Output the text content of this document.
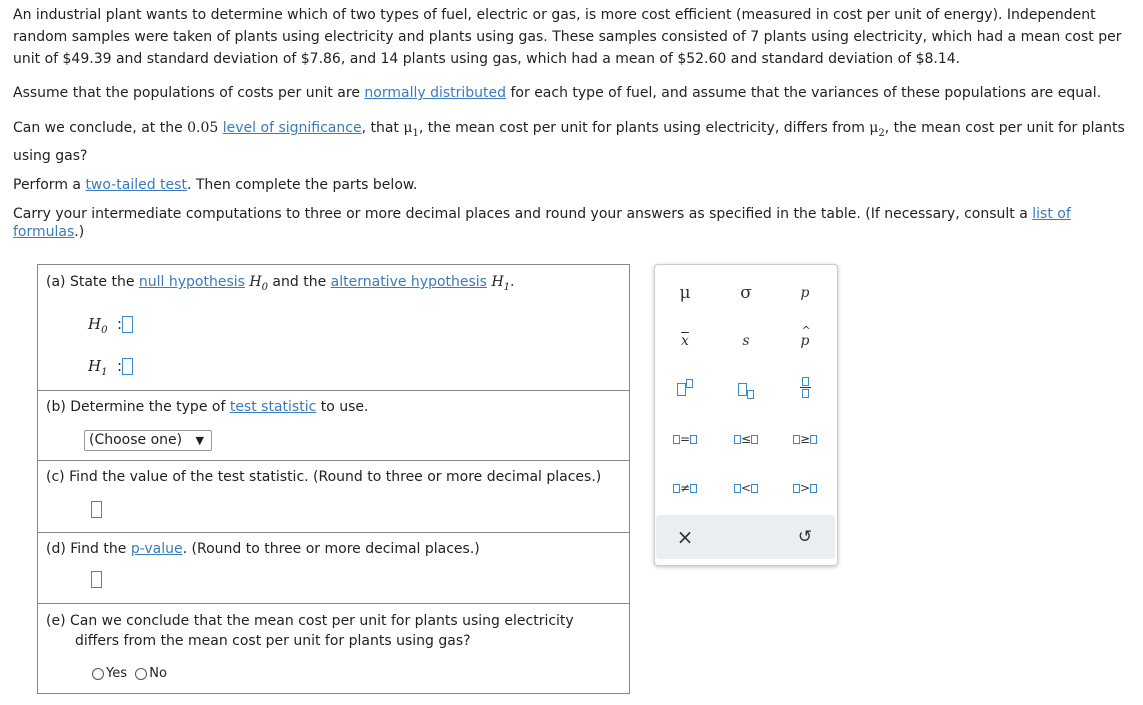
An industrial plant wants to determine which of two types of fuel, electric or gas, is more cost efficient (measured in cost per unit of energy). Independent random samples were taken of plants using electricity and plants using gas. These samples consisted of 7 plants using electricity, which had a mean cost per unit of $49.39 and standard deviation of $7.86, and 14 plants using gas, which had a mean of $52.60 and standard deviation of $8.14.

Assume that the populations of costs per unit are normally distributed for each type of fuel, and assume that the variances of these populations are equal.

Can we conclude, at the 0.05 level of significance, that $\mu_1$, the mean cost per unit for plants using electricity, differs from $\mu_2$, the mean cost per unit for plants using gas?

Perform a two-tailed test. Then complete the parts below.

Carry your intermediate computations to three or more decimal places and round your answers as specified in the table. (If necessary, consult a list of formulas.)

(a) State the null hypothesis $H_0$ and the alternative hypothesis $H_1$.
$H_0$  :
$H_1$  :
(b) Determine the type of test statistic to use.
(Choose one) ▼
(c) Find the value of the test statistic. (Round to three or more decimal places.)
(d) Find the p-value. (Round to three or more decimal places.)
(e) Can we conclude that the mean cost per unit for plants using electricity
differs from the mean cost per unit for plants using gas?
Yes No
μ	σ	p
$\overline{x}$	s	p
^
=	≤	≥
≠	<	>
×	↺
